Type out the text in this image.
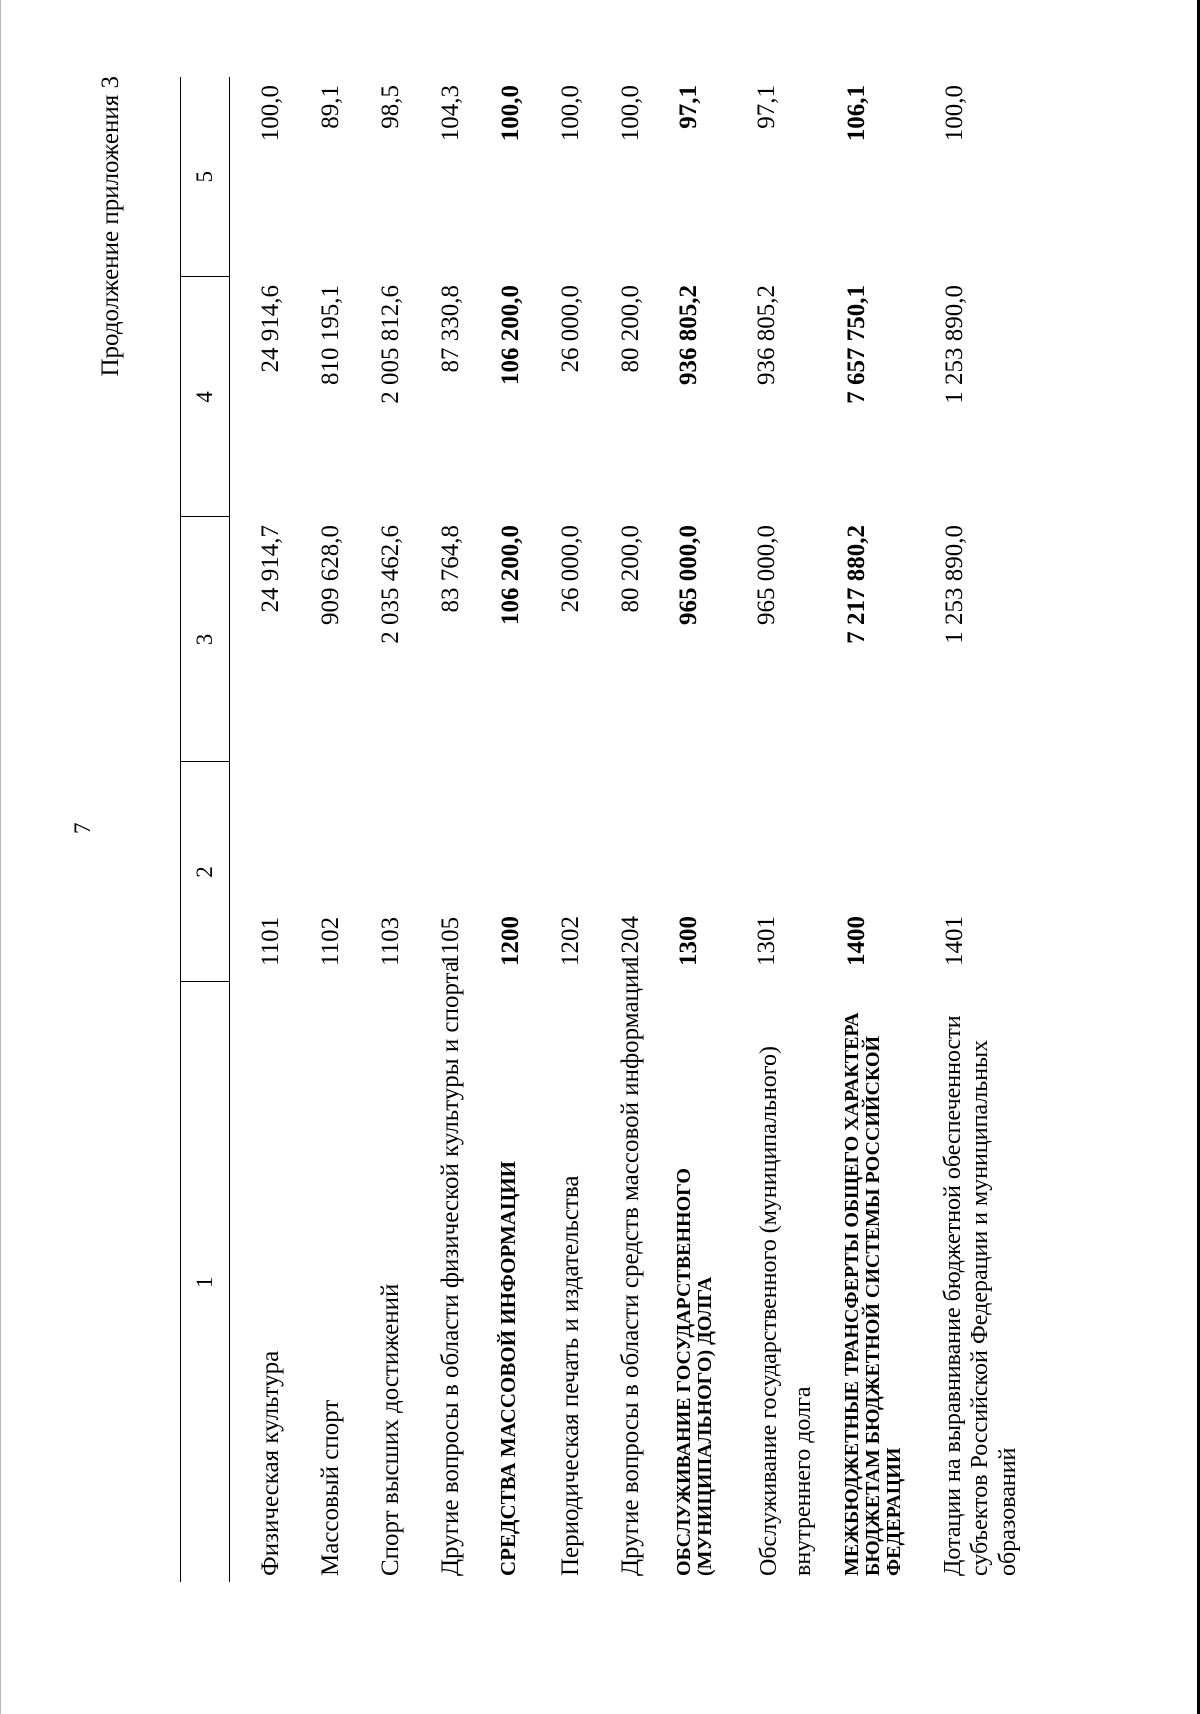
7
Продолжение приложения 3
1	2	3	4	5
Физическая культура	1101	24 914,7	24 914,6	100,0
Массовый спорт	1102	909 628,0	810 195,1	89,1
Спорт высших достижений	1103	2 035 462,6	2 005 812,6	98,5
Другие вопросы в области физической культуры и спорта	1105	83 764,8	87 330,8	104,3
СРЕДСТВА МАССОВОЙ ИНФОРМАЦИИ	1200	106 200,0	106 200,0	100,0
Периодическая печать и издательства	1202	26 000,0	26 000,0	100,0
Другие вопросы в области средств массовой информации	1204	80 200,0	80 200,0	100,0
ОБСЛУЖИВАНИЕ ГОСУДАРСТВЕННОГО (МУНИЦИПАЛЬНОГО) ДОЛГА	1300	965 000,0	936 805,2	97,1
Обслуживание государственного (муниципального) внутреннего долга	1301	965 000,0	936 805,2	97,1
МЕЖБЮДЖЕТНЫЕ ТРАНСФЕРТЫ ОБЩЕГО ХАРАКТЕРА БЮДЖЕТАМ БЮДЖЕТНОЙ СИСТЕМЫ РОССИЙСКОЙ ФЕДЕРАЦИИ	1400	7 217 880,2	7 657 750,1	106,1
Дотации на выравнивание бюджетной обеспеченности субъектов Российской Федерации и муниципальных образований	1401	1 253 890,0	1 253 890,0	100,0
